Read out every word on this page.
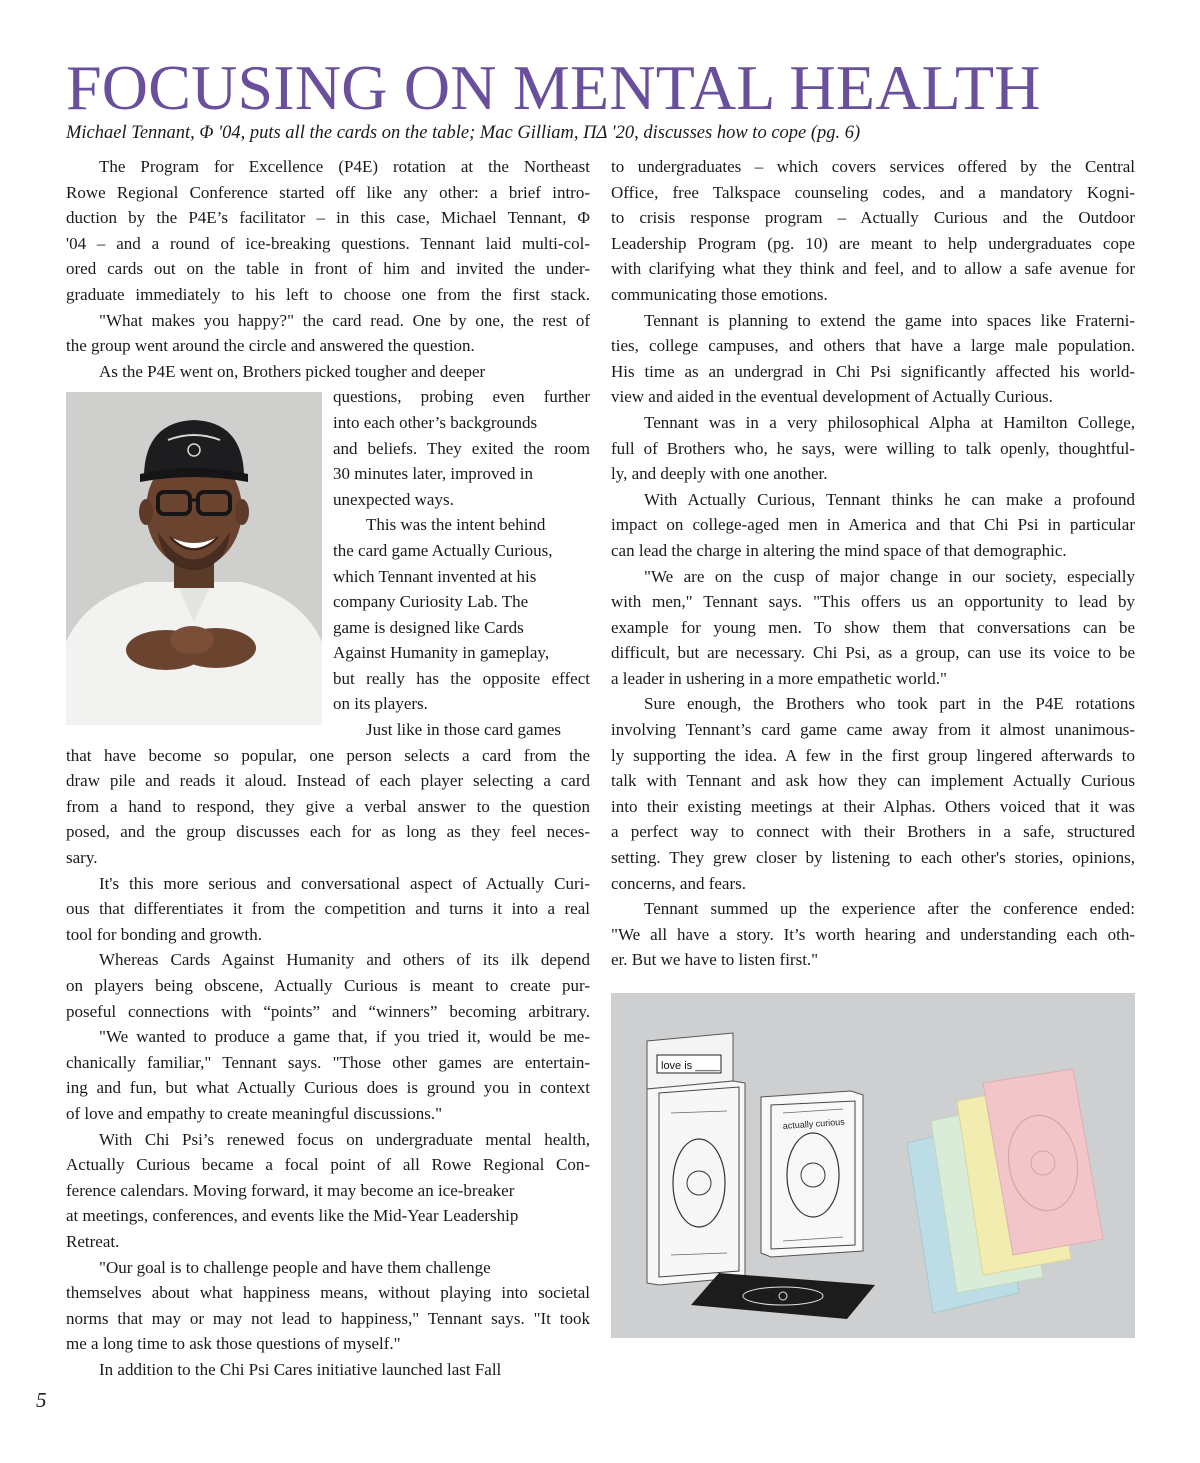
FOCUSING ON MENTAL HEALTH
Michael Tennant, Φ '04, puts all the cards on the table; Mac Gilliam, ΠΔ '20, discusses how to cope (pg. 6)
The Program for Excellence (P4E) rotation at the Northeast
Rowe Regional Conference started off like any other: a brief intro-
duction by the P4E’s facilitator – in this case, Michael Tennant, Φ
'04 – and a round of ice-breaking questions. Tennant laid multi-col-
ored cards out on the table in front of him and invited the under-
graduate immediately to his left to choose one from the first stack.
"What makes you happy?" the card read. One by one, the rest of
the group went around the circle and answered the question.
As the P4E went on, Brothers picked tougher and deeper
questions, probing even further
into each other’s backgrounds
and beliefs. They exited the room
30 minutes later, improved in
unexpected ways.
This was the intent behind
the card game Actually Curious,
which Tennant invented at his
company Curiosity Lab. The
game is designed like Cards
Against Humanity in gameplay,
but really has the opposite effect
on its players.
Just like in those card games
that have become so popular, one person selects a card from the
draw pile and reads it aloud. Instead of each player selecting a card
from a hand to respond, they give a verbal answer to the question
posed, and the group discusses each for as long as they feel neces-
sary.
It's this more serious and conversational aspect of Actually Curi-
ous that differentiates it from the competition and turns it into a real
tool for bonding and growth.
Whereas Cards Against Humanity and others of its ilk depend
on players being obscene, Actually Curious is meant to create pur-
poseful connections with “points” and “winners” becoming arbitrary.
"We wanted to produce a game that, if you tried it, would be me-
chanically familiar," Tennant says. "Those other games are entertain-
ing and fun, but what Actually Curious does is ground you in context
of love and empathy to create meaningful discussions."
With Chi Psi’s renewed focus on undergraduate mental health,
Actually Curious became a focal point of all Rowe Regional Con-
ference calendars. Moving forward, it may become an ice-breaker
at meetings, conferences, and events like the Mid-Year Leadership
Retreat.
"Our goal is to challenge people and have them challenge
themselves about what happiness means, without playing into societal
norms that may or may not lead to happiness," Tennant says. "It took
me a long time to ask those questions of myself."
In addition to the Chi Psi Cares initiative launched last Fall
to undergraduates – which covers services offered by the Central
Office, free Talkspace counseling codes, and a mandatory Kogni-
to crisis response program – Actually Curious and the Outdoor
Leadership Program (pg. 10) are meant to help undergraduates cope
with clarifying what they think and feel, and to allow a safe avenue for
communicating those emotions.
Tennant is planning to extend the game into spaces like Fraterni-
ties, college campuses, and others that have a large male population.
His time as an undergrad in Chi Psi significantly affected his world-
view and aided in the eventual development of Actually Curious.
Tennant was in a very philosophical Alpha at Hamilton College,
full of Brothers who, he says, were willing to talk openly, thoughtful-
ly, and deeply with one another.
With Actually Curious, Tennant thinks he can make a profound
impact on college-aged men in America and that Chi Psi in particular
can lead the charge in altering the mind space of that demographic.
"We are on the cusp of major change in our society, especially
with men," Tennant says. "This offers us an opportunity to lead by
example for young men. To show them that conversations can be
difficult, but are necessary. Chi Psi, as a group, can use its voice to be
a leader in ushering in a more empathetic world."
Sure enough, the Brothers who took part in the P4E rotations
involving Tennant’s card game came away from it almost unanimous-
ly supporting the idea. A few in the first group lingered afterwards to
talk with Tennant and ask how they can implement Actually Curious
into their existing meetings at their Alphas. Others voiced that it was
a perfect way to connect with their Brothers in a safe, structured
setting. They grew closer by listening to each other's stories, opinions,
concerns, and fears.
Tennant summed up the experience after the conference ended:
"We all have a story. It’s worth hearing and understanding each oth-
er. But we have to listen first."
love is ____
actually curious
5
